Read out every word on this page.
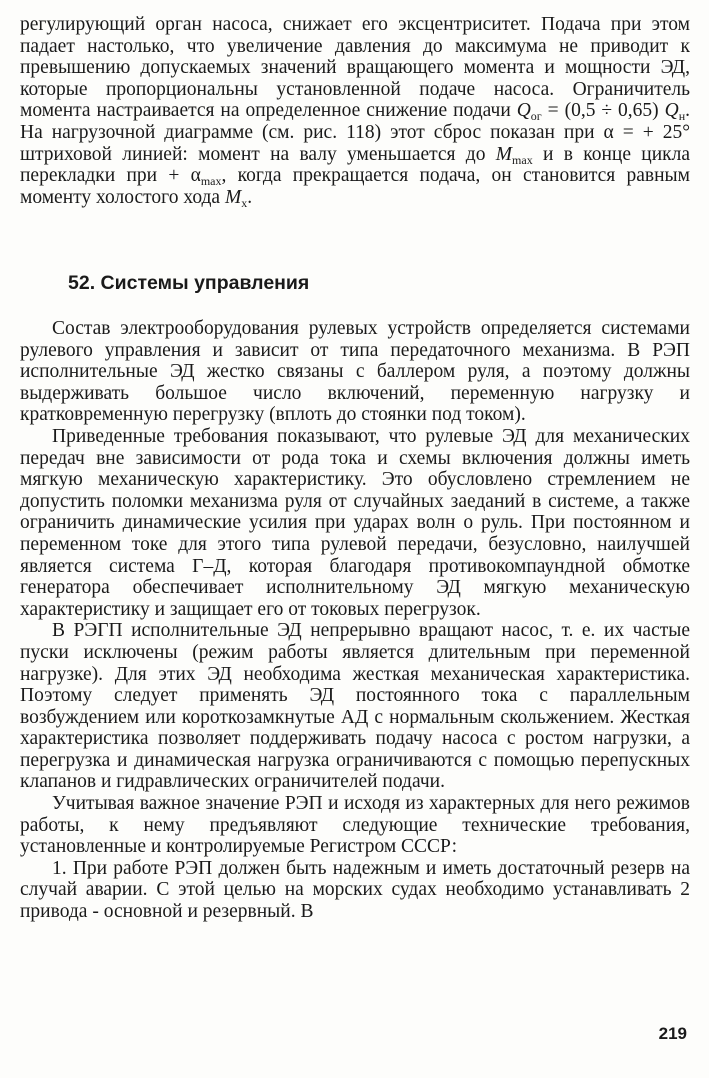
регулирующий орган насоса, снижает его эксцентриситет. Подача при этом падает настолько, что увеличение давления до максимума не приводит к превышению допускаемых значений вращающего момента и мощности ЭД, которые пропорциональны установленной подаче насоса. Ограничитель момента настраивается на определенное снижение подачи $Q_{ог} = (0,5 \div 0,65)$ $Q_н$. На нагрузочной диаграмме (см. рис. 118) этот сброс показан при α = + 25° штриховой линией: момент на валу уменьшается до $M_{max}$ и в конце цикла перекладки при + $\alpha_{max}$, когда прекращается подача, он становится равным моменту холостого хода $M_х$.

52. Системы управления

Состав электрооборудования рулевых устройств определяется системами рулевого управления и зависит от типа передаточного механизма. В РЭП исполнительные ЭД жестко связаны с баллером руля, а поэтому должны выдерживать большое число включений, переменную нагрузку и кратковременную перегрузку (вплоть до стоянки под током).

Приведенные требования показывают, что рулевые ЭД для механических передач вне зависимости от рода тока и схемы включения должны иметь мягкую механическую характеристику. Это обусловлено стремлением не допустить поломки механизма руля от случайных заеданий в системе, а также ограничить динамические усилия при ударах волн о руль. При постоянном и переменном токе для этого типа рулевой передачи, безусловно, наилучшей является система Г–Д, которая благодаря противокомпаундной обмотке генератора обеспечивает исполнительному ЭД мягкую механическую характеристику и защищает его от токовых перегрузок.

В РЭГП исполнительные ЭД непрерывно вращают насос, т. е. их частые пуски исключены (режим работы является длительным при переменной нагрузке). Для этих ЭД необходима жесткая механическая характеристика. Поэтому следует применять ЭД постоянного тока с параллельным возбуждением или короткозамкнутые АД с нормальным скольжением. Жесткая характеристика позволяет поддерживать подачу насоса с ростом нагрузки, а перегрузка и динамическая нагрузка ограничиваются с помощью перепускных клапанов и гидравлических ограничителей подачи.

Учитывая важное значение РЭП и исходя из характерных для него режимов работы, к нему предъявляют следующие технические требования, установленные и контролируемые Регистром СССР:

1. При работе РЭП должен быть надежным и иметь достаточный резерв на случай аварии. С этой целью на морских судах необходимо устанавливать 2 привода - основной и резервный. В

219
